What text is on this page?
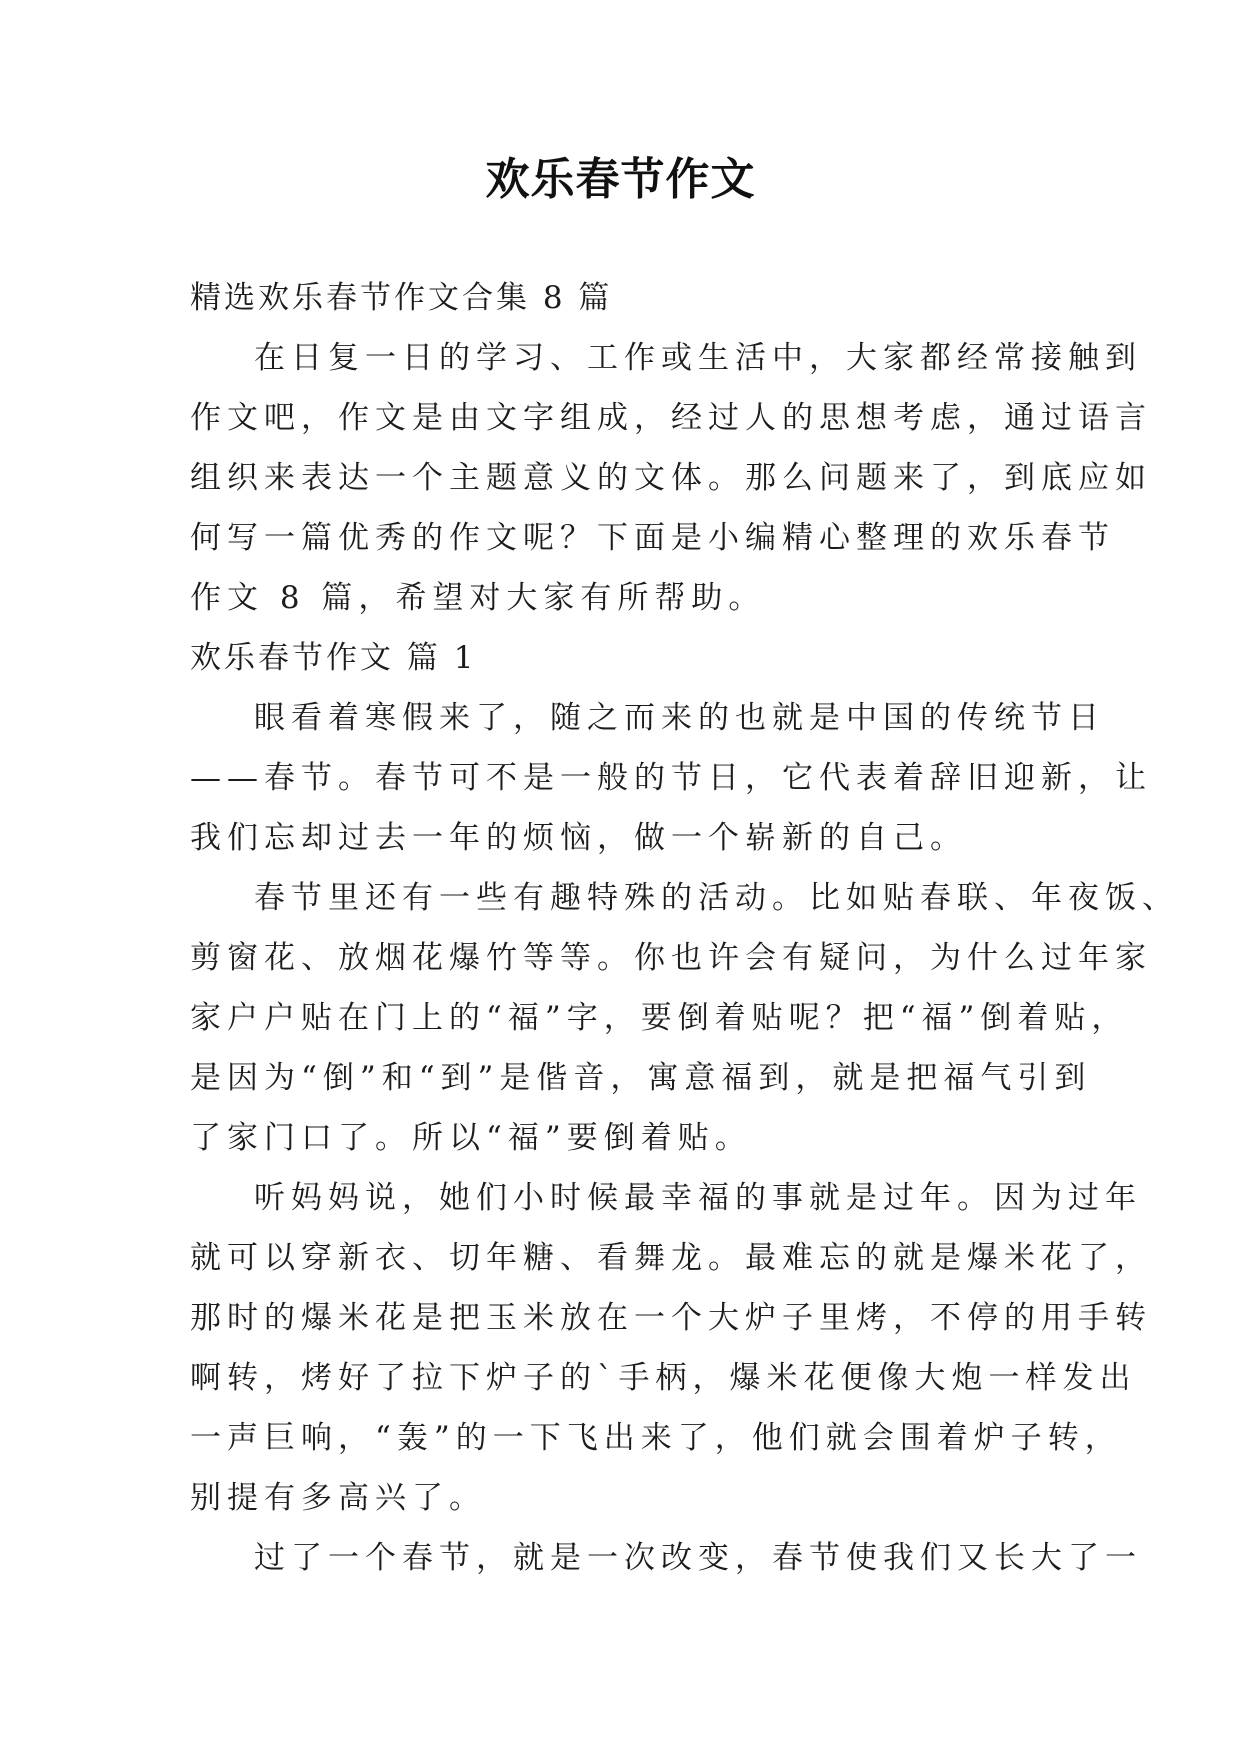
欢乐春节作文
精选欢乐春节作文合集 8 篇
在日复一日的学习、工作或生活中，大家都经常接触到
作文吧，作文是由文字组成，经过人的思想考虑，通过语言
组织来表达一个主题意义的文体。那么问题来了，到底应如
何写一篇优秀的作文呢？下面是小编精心整理的欢乐春节
作文 8 篇，希望对大家有所帮助。
欢乐春节作文 篇 1
眼看着寒假来了，随之而来的也就是中国的传统节日
——春节。春节可不是一般的节日，它代表着辞旧迎新，让
我们忘却过去一年的烦恼，做一个崭新的自己。
春节里还有一些有趣特殊的活动。比如贴春联、年夜饭、
剪窗花、放烟花爆竹等等。你也许会有疑问，为什么过年家
家户户贴在门上的“福”字，要倒着贴呢？把“福”倒着贴，
是因为“倒”和“到”是偕音，寓意福到，就是把福气引到
了家门口了。所以“福”要倒着贴。
听妈妈说，她们小时候最幸福的事就是过年。因为过年
就可以穿新衣、切年糖、看舞龙。最难忘的就是爆米花了，
那时的爆米花是把玉米放在一个大炉子里烤，不停的用手转
啊转，烤好了拉下炉子的`手柄，爆米花便像大炮一样发出
一声巨响，“轰”的一下飞出来了，他们就会围着炉子转，
别提有多高兴了。
过了一个春节，就是一次改变，春节使我们又长大了一
